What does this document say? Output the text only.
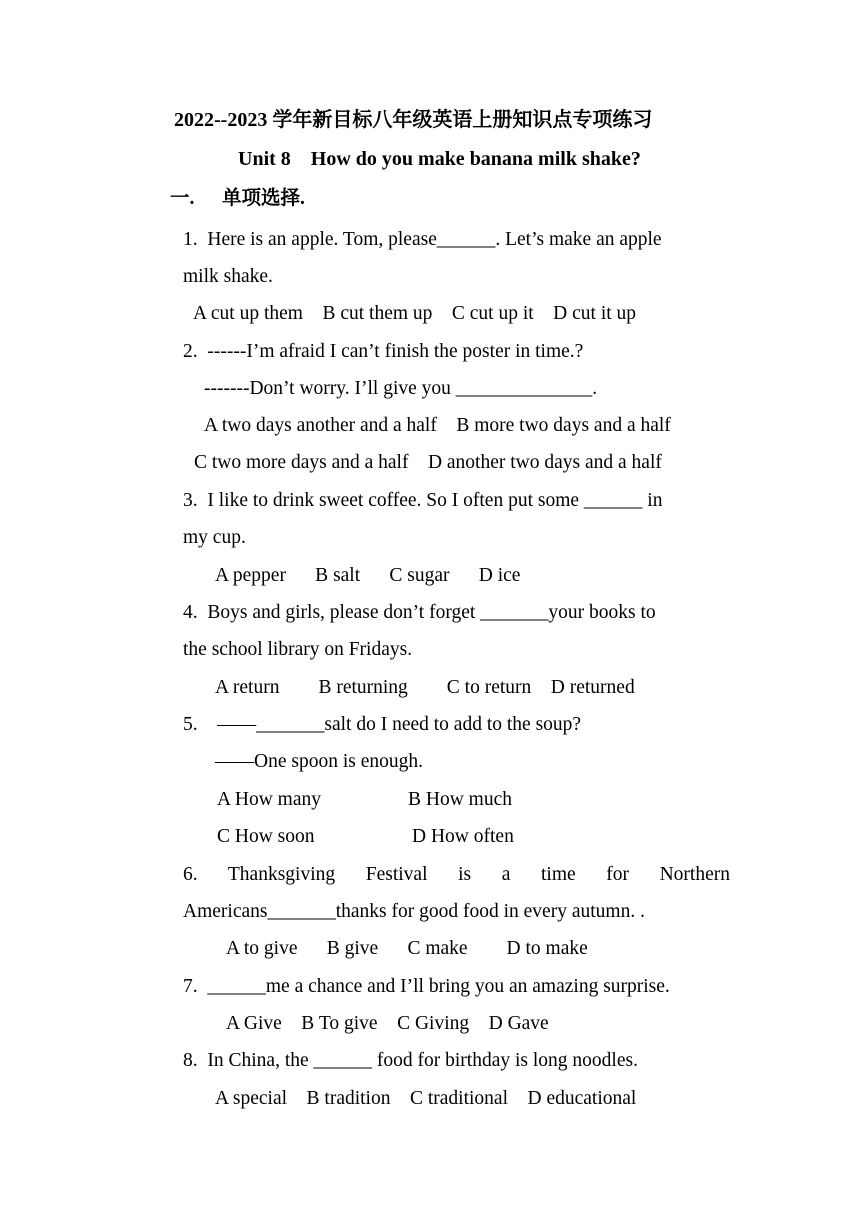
2022--2023 学年新目标八年级英语上册知识点专项练习
Unit 8　How do you make banana milk shake?
一. 单项选择.
1.  Here is an apple. Tom, please______. Let’s make an apple
milk shake.
A cut up them    B cut them up    C cut up it    D cut it up
2.  ------I’m afraid I can’t finish the poster in time.?
-------Don’t worry. I’ll give you ______________.
A two days another and a half    B more two days and a half
C two more days and a half    D another two days and a half
3.  I like to drink sweet coffee. So I often put some ______ in
my cup.
A pepper      B salt      C sugar      D ice
4.  Boys and girls, please don’t forget _______your books to
the school library on Fridays.
A return        B returning        C to return    D returned
5.    ——_______salt do I need to add to the soup?
——One spoon is enough.
A How many	B How much
C How soon	D How often
6. Thanksgiving Festival is a time for Northern
Americans_______thanks for good food in every autumn. .
A to give      B give      C make        D to make
7.  ______me a chance and I’ll bring you an amazing surprise.
A Give    B To give    C Giving    D Gave
8.  In China, the ______ food for birthday is long noodles.
A special    B tradition    C traditional    D educational
